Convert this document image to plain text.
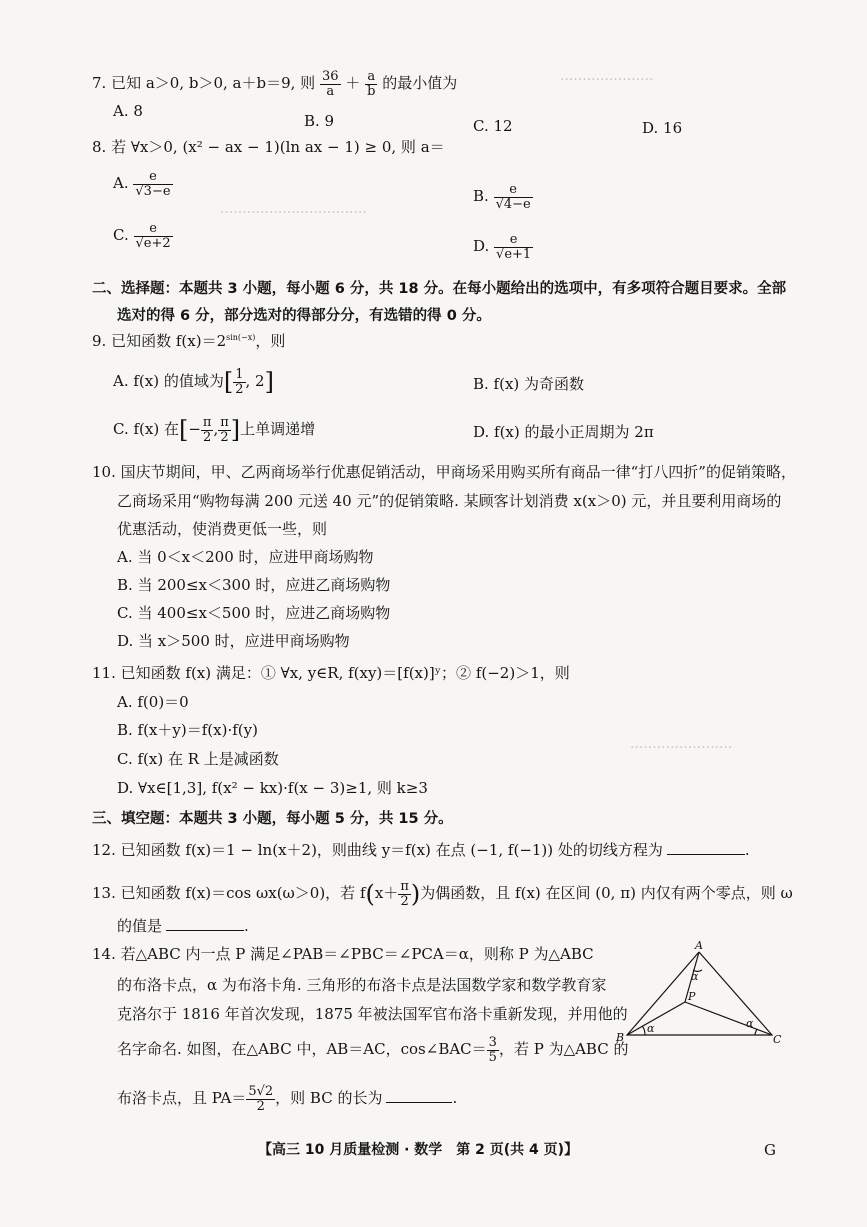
·····················
·································
·······················
7. 已知 a＞0, b＞0, a＋b＝9, 则 $\frac{36}{a} + \frac{a}{b}$ 的最小值为
A. 8
B. 9	C. 12	D. 16
8. 若 ∀x＞0, (x² − ax − 1)(ln ax − 1) ≥ 0, 则 a＝
A. $\frac{e}{√3-e}$	B. $\frac{e}{√4-e}$
C. $\frac{e}{√e+2}$	D. $\frac{e}{√e+1}$
二、选择题：本题共 3 小题，每小题 6 分，共 18 分。在每小题给出的选项中，有多项符合题目要求。全部
选对的得 6 分，部分选对的得部分分，有选错的得 0 分。
9. 已知函数 $f(x)=2^{sin(-x)}$，则
A. f(x) 的值域为[ $\frac{1}{2}$ , 2]	B. f(x) 为奇函数
C. f(x) 在[− $\frac{\pi}{2}$ , $\frac{\pi}{2}$ ]上单调递增	D. f(x) 的最小正周期为 2π
10. 国庆节期间，甲、乙两商场举行优惠促销活动，甲商场采用购买所有商品一律“打八四折”的促销策略，
乙商场采用“购物每满 200 元送 40 元”的促销策略. 某顾客计划消费 x(x＞0) 元，并且要利用商场的
优惠活动，使消费更低一些，则
A. 当 0＜x＜200 时，应进甲商场购物
B. 当 200≤x＜300 时，应进乙商场购物
C. 当 400≤x＜500 时，应进乙商场购物
D. 当 x＞500 时，应进甲商场购物
11. 已知函数 f(x) 满足：① ∀x, y∈R, f(xy)＝[f(x)]ʸ；② f(−2)＞1，则
A. f(0)＝0
B. f(x＋y)＝f(x)·f(y)
C. f(x) 在 R 上是减函数
D. ∀x∈[1,3], f(x² − kx)·f(x − 3)≥1, 则 k≥3
三、填空题：本题共 3 小题，每小题 5 分，共 15 分。
12. 已知函数 f(x)＝1 − ln(x＋2)，则曲线 y＝f(x) 在点 (−1, f(−1)) 处的切线方程为	.
13. 已知函数 f(x)＝cos ωx(ω＞0)，若 $f(x+ \frac{\pi}{2}$ )为偶函数，且 f(x) 在区间 (0, π) 内仅有两个零点，则 ω
的值是	.
14. 若△ABC 内一点 P 满足∠PAB＝∠PBC＝∠PCA＝α，则称 P 为△ABC
的布洛卡点，α 为布洛卡角. 三角形的布洛卡点是法国数学家和数学教育家
克洛尔于 1816 年首次发现，1875 年被法国军官布洛卡重新发现，并用他的
名字命名. 如图，在△ABC 中，AB＝AC，cos∠BAC＝ $\frac{3}{5}$ ，若 P 为△ABC 的
布洛卡点，且 $PA= \frac{5√2}{2}$ ，则 BC 的长为	.
A
B	C
P
α
α	α
【高三 10 月质量检测 · 数学　第 2 页(共 4 页)】	G
